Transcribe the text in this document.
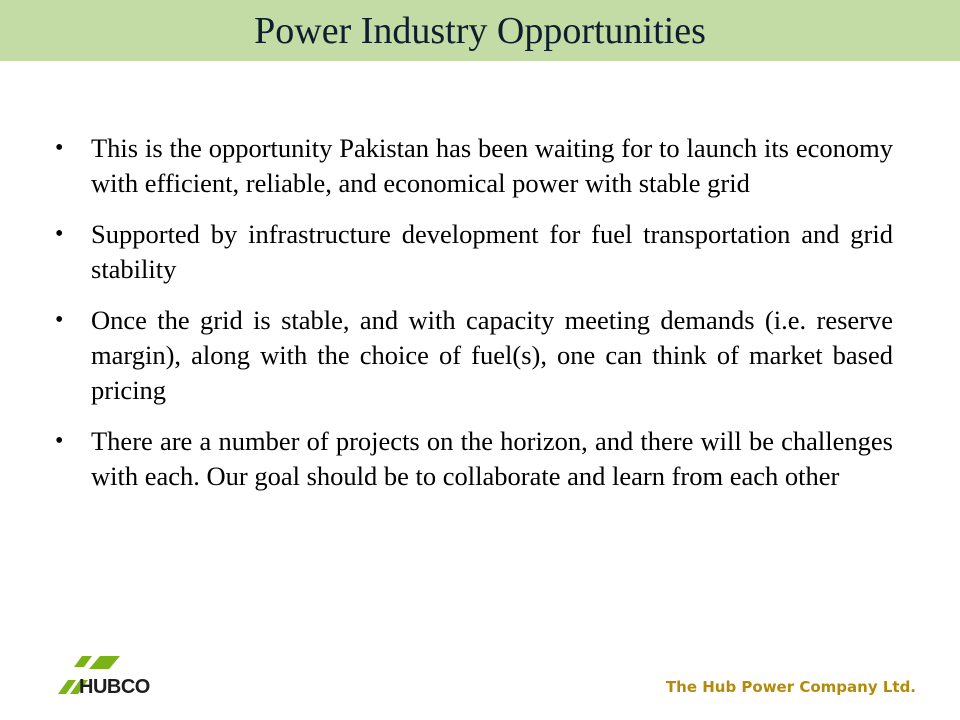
Power Industry Opportunities
• This is the opportunity Pakistan has been waiting for to launch its economy with efficient, reliable, and economical power with stable grid
• Supported by infrastructure development for fuel transportation and grid stability
• Once the grid is stable, and with capacity meeting demands (i.e. reserve margin), along with the choice of fuel(s), one can think of market based pricing
• There are a number of projects on the horizon, and there will be challenges with each. Our goal should be to collaborate and learn from each other
HUBCO	The Hub Power Company Ltd.
